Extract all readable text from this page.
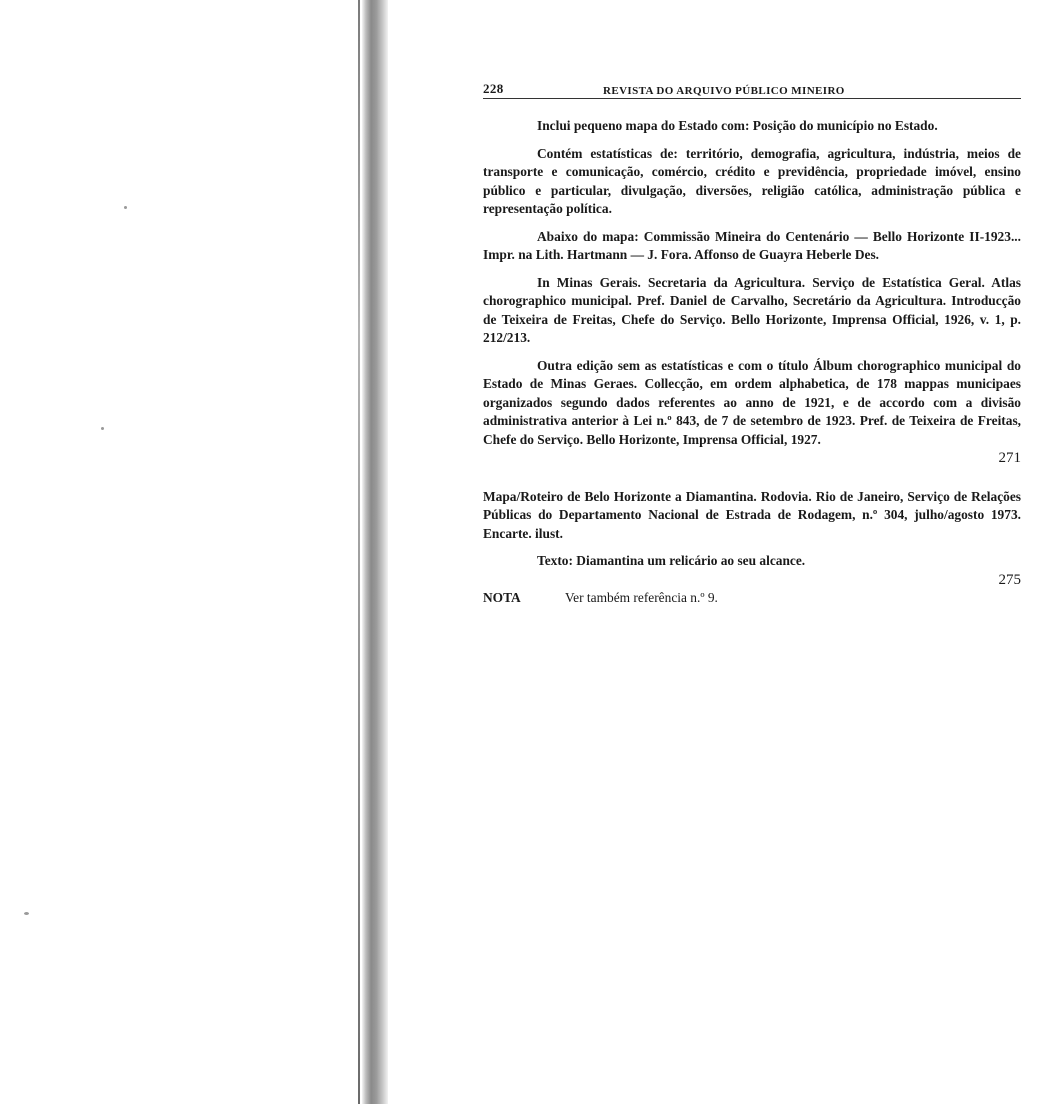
228	REVISTA DO ARQUIVO PÚBLICO MINEIRO

Inclui pequeno mapa do Estado com: Posição do município no Estado.

Contém estatísticas de: território, demografia, agricultura, indústria, meios de transporte e comunicação, comércio, crédito e previdência, propriedade imóvel, ensino público e particular, divulgação, diversões, religião católica, administração pública e representação política.

Abaixo do mapa: Commissão Mineira do Centenário — Bello Horizonte II-1923... Impr. na Lith. Hartmann — J. Fora. Affonso de Guayra Heberle Des.

In Minas Gerais. Secretaria da Agricultura. Serviço de Estatística Geral. Atlas chorographico municipal. Pref. Daniel de Carvalho, Secretário da Agricultura. Introducção de Teixeira de Freitas, Chefe do Serviço. Bello Horizonte, Imprensa Official, 1926, v. 1, p. 212/213.

Outra edição sem as estatísticas e com o título Álbum chorographico municipal do Estado de Minas Geraes. Collecção, em ordem alphabetica, de 178 mappas municipaes organizados segundo dados referentes ao anno de 1921, e de accordo com a divisão administrativa anterior à Lei n.º 843, de 7 de setembro de 1923. Pref. de Teixeira de Freitas, Chefe do Serviço. Bello Horizonte, Imprensa Official, 1927.

271

Mapa/Roteiro de Belo Horizonte a Diamantina. Rodovia. Rio de Janeiro, Serviço de Relações Públicas do Departamento Nacional de Estrada de Rodagem, n.º 304, julho/agosto 1973. Encarte. ilust.

Texto: Diamantina um relicário ao seu alcance.

275

NOTA	Ver também referência n.º 9.
